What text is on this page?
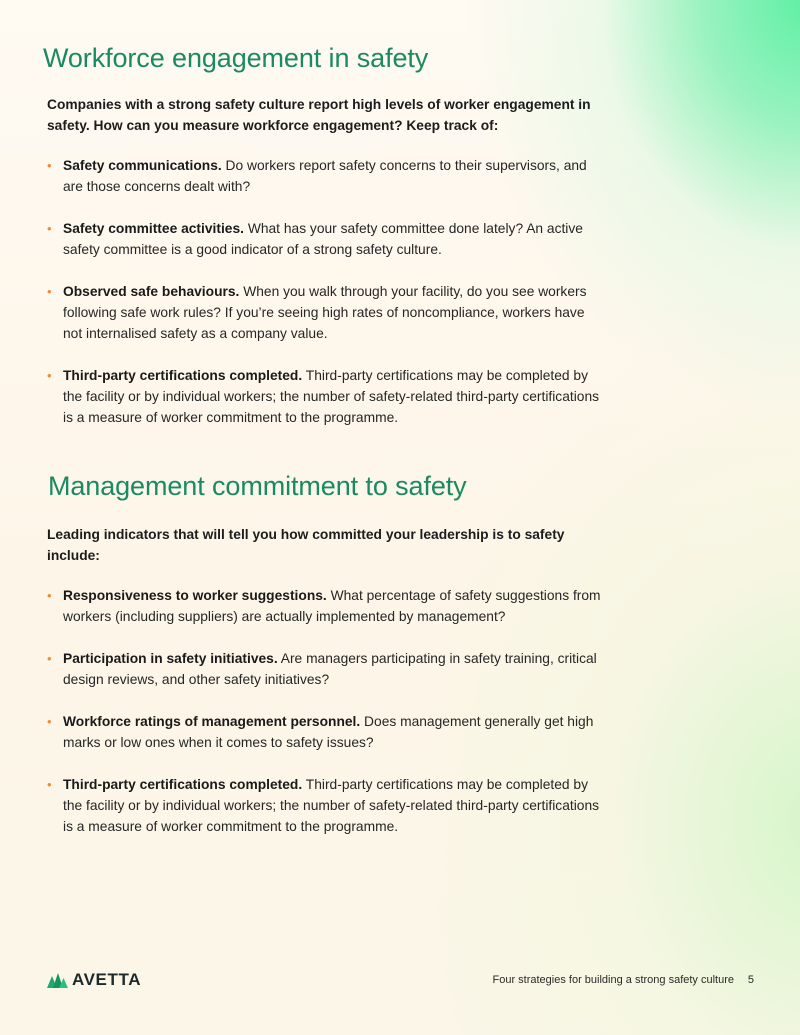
Workforce engagement in safety

Companies with a strong safety culture report high levels of worker engagement in safety. How can you measure workforce engagement? Keep track of:

• Safety communications. Do workers report safety concerns to their supervisors, and are those concerns dealt with?
• Safety committee activities. What has your safety committee done lately? An active safety committee is a good indicator of a strong safety culture.
• Observed safe behaviours. When you walk through your facility, do you see workers following safe work rules? If you’re seeing high rates of noncompliance, workers have not internalised safety as a company value.
• Third-party certifications completed. Third-party certifications may be completed by the facility or by individual workers; the number of safety-related third-party certifications is a measure of worker commitment to the programme.
Management commitment to safety

Leading indicators that will tell you how committed your leadership is to safety include:

• Responsiveness to worker suggestions. What percentage of safety suggestions from workers (including suppliers) are actually implemented by management?
• Participation in safety initiatives. Are managers participating in safety training, critical design reviews, and other safety initiatives?
• Workforce ratings of management personnel. Does management generally get high marks or low ones when it comes to safety issues?
• Third-party certifications completed. Third-party certifications may be completed by the facility or by individual workers; the number of safety-related third-party certifications is a measure of worker commitment to the programme.
AVETTA	Four strategies for building a strong safety culture 5
